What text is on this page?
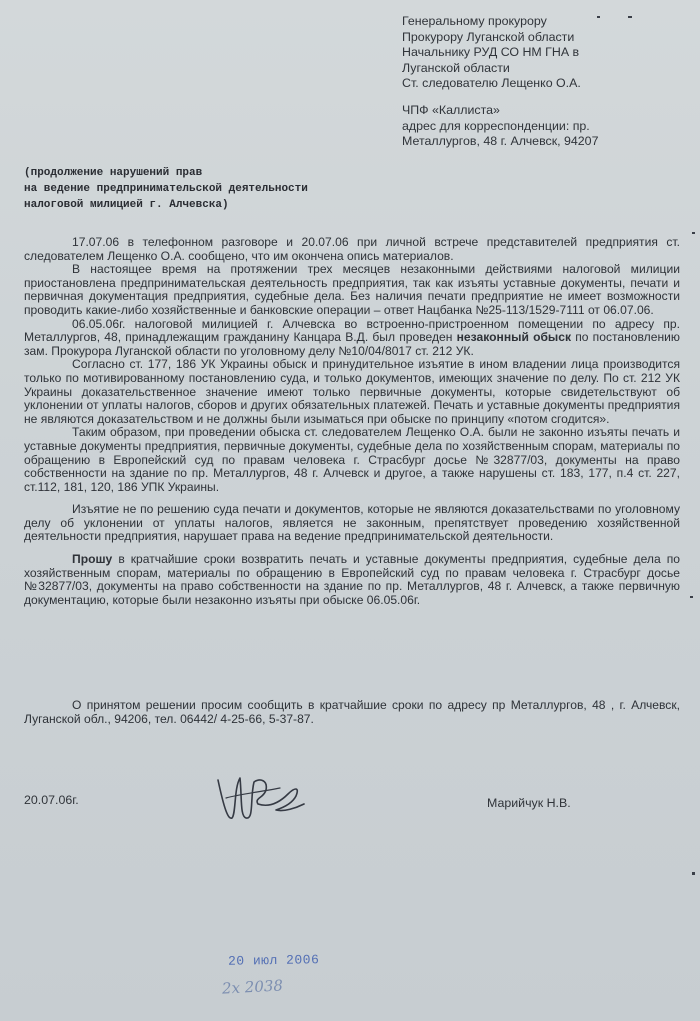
Генеральному прокурору
Прокурору Луганской области
Начальнику РУД СО НМ ГНА в
Луганской области
Ст. следователю Лещенко О.А.
ЧПФ «Каллиста»
адрес для корреспонденции: пр.
Металлургов, 48 г. Алчевск, 94207
(продолжение нарушений прав
на ведение предпринимательской деятельности
налоговой милицией г. Алчевска)

17.07.06 в телефонном разговоре и 20.07.06 при личной встрече представителей предприятия ст. следователем Лещенко О.А. сообщено, что им окончена опись материалов.

В настоящее время на протяжении трех месяцев незаконными действиями налоговой милиции приостановлена предпринимательская деятельность предприятия, так как изъяты уставные документы, печати и первичная документация предприятия, судебные дела. Без наличия печати предприятие не имеет возможности проводить какие-либо хозяйственные и банковские операции – ответ Нацбанка №25-113/1529-7111 от 06.07.06.

06.05.06г. налоговой милицией г. Алчевска во встроенно-пристроенном помещении по адресу пр. Металлургов, 48, принадлежащим гражданину Канцара В.Д. был проведен незаконный обыск по постановлению зам. Прокурора Луганской области по уголовному делу №10/04/8017 ст. 212 УК.

Согласно ст. 177, 186 УК Украины обыск и принудительное изъятие в ином владении лица производится только по мотивированному постановлению суда, и только документов, имеющих значение по делу. По ст. 212 УК Украины доказательственное значение имеют только первичные документы, которые свидетельствуют об уклонении от уплаты налогов, сборов и других обязательных платежей. Печать и уставные документы предприятия не являются доказательством и не должны были изыматься при обыске по принципу «потом сгодится».

Таким образом, при проведении обыска ст. следователем Лещенко О.А. были не законно изъяты печать и уставные документы предприятия, первичные документы, судебные дела по хозяйственным спорам, материалы по обращению в Европейский суд по правам человека г. Страсбург досье №32877/03, документы на право собственности на здание по пр. Металлургов, 48 г. Алчевск и другое, а также нарушены ст. 183, 177, п.4 ст. 227, ст.112, 181, 120, 186 УПК Украины.

Изъятие не по решению суда печати и документов, которые не являются доказательствами по уголовному делу об уклонении от уплаты налогов, является не законным, препятствует проведению хозяйственной деятельности предприятия, нарушает права на ведение предпринимательской деятельности.

Прошу в кратчайшие сроки возвратить печать и уставные документы предприятия, судебные дела по хозяйственным спорам, материалы по обращению в Европейский суд по правам человека г. Страсбург досье №32877/03, документы на право собственности на здание по пр. Металлургов, 48 г. Алчевск, а также первичную документацию, которые были незаконно изъяты при обыске 06.05.06г.

О принятом решении просим сообщить в кратчайшие сроки по адресу пр Металлургов, 48 , г. Алчевск, Луганской обл., 94206, тел. 06442/ 4-25-66, 5-37-87.

20.07.06г.	Марийчук Н.В.
20 июл 2006
2х 2038
